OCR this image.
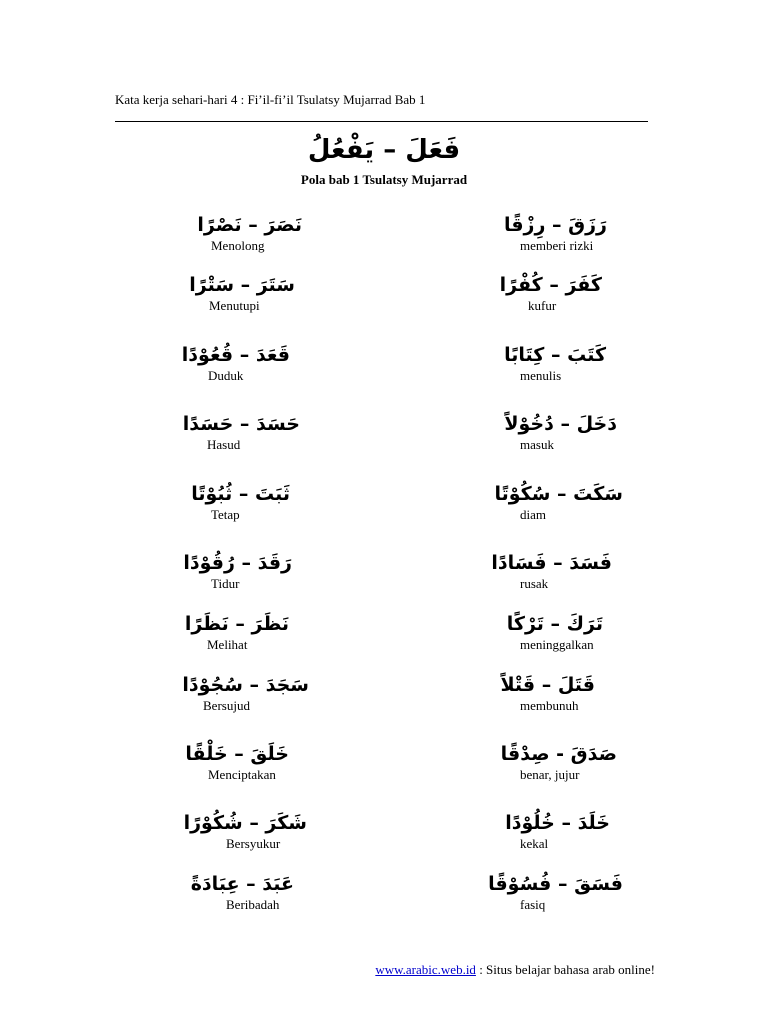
Kata kerja sehari-hari 4 : Fi’il-fi’il Tsulatsy Mujarrad Bab 1
فَعَلَ – يَفْعُلُ
Pola bab 1 Tsulatsy Mujarrad
نَصَرَ – نَصْرًا
Menolong
سَتَرَ – سَتْرًا
Menutupi
قَعَدَ – قُعُوْدًا
Duduk
حَسَدَ – حَسَدًا
Hasud
ثَبَتَ – ثُبُوْتًا
Tetap
رَقَدَ – رُقُوْدًا
Tidur
نَظَرَ – نَظَرًا
Melihat
سَجَدَ – سُجُوْدًا
Bersujud
خَلَقَ – خَلْقًا
Menciptakan
شَكَرَ – شُكُوْرًا
Bersyukur
عَبَدَ – عِبَادَةً
Beribadah
رَزَقَ – رِزْقًا
memberi rizki
كَفَرَ – كُفْرًا
kufur
كَتَبَ – كِتَابًا
menulis
دَخَلَ – دُخُوْلاً
masuk
سَكَتَ – سُكُوْتًا
diam
فَسَدَ – فَسَادًا
rusak
تَرَكَ – تَرْكًا
meninggalkan
قَتَلَ – قَتْلاً
membunuh
صَدَقَ - صِدْقًا
benar, jujur
خَلَدَ – خُلُوْدًا
kekal
فَسَقَ – فُسُوْقًا
fasiq
www.arabic.web.id : Situs belajar bahasa arab online!
